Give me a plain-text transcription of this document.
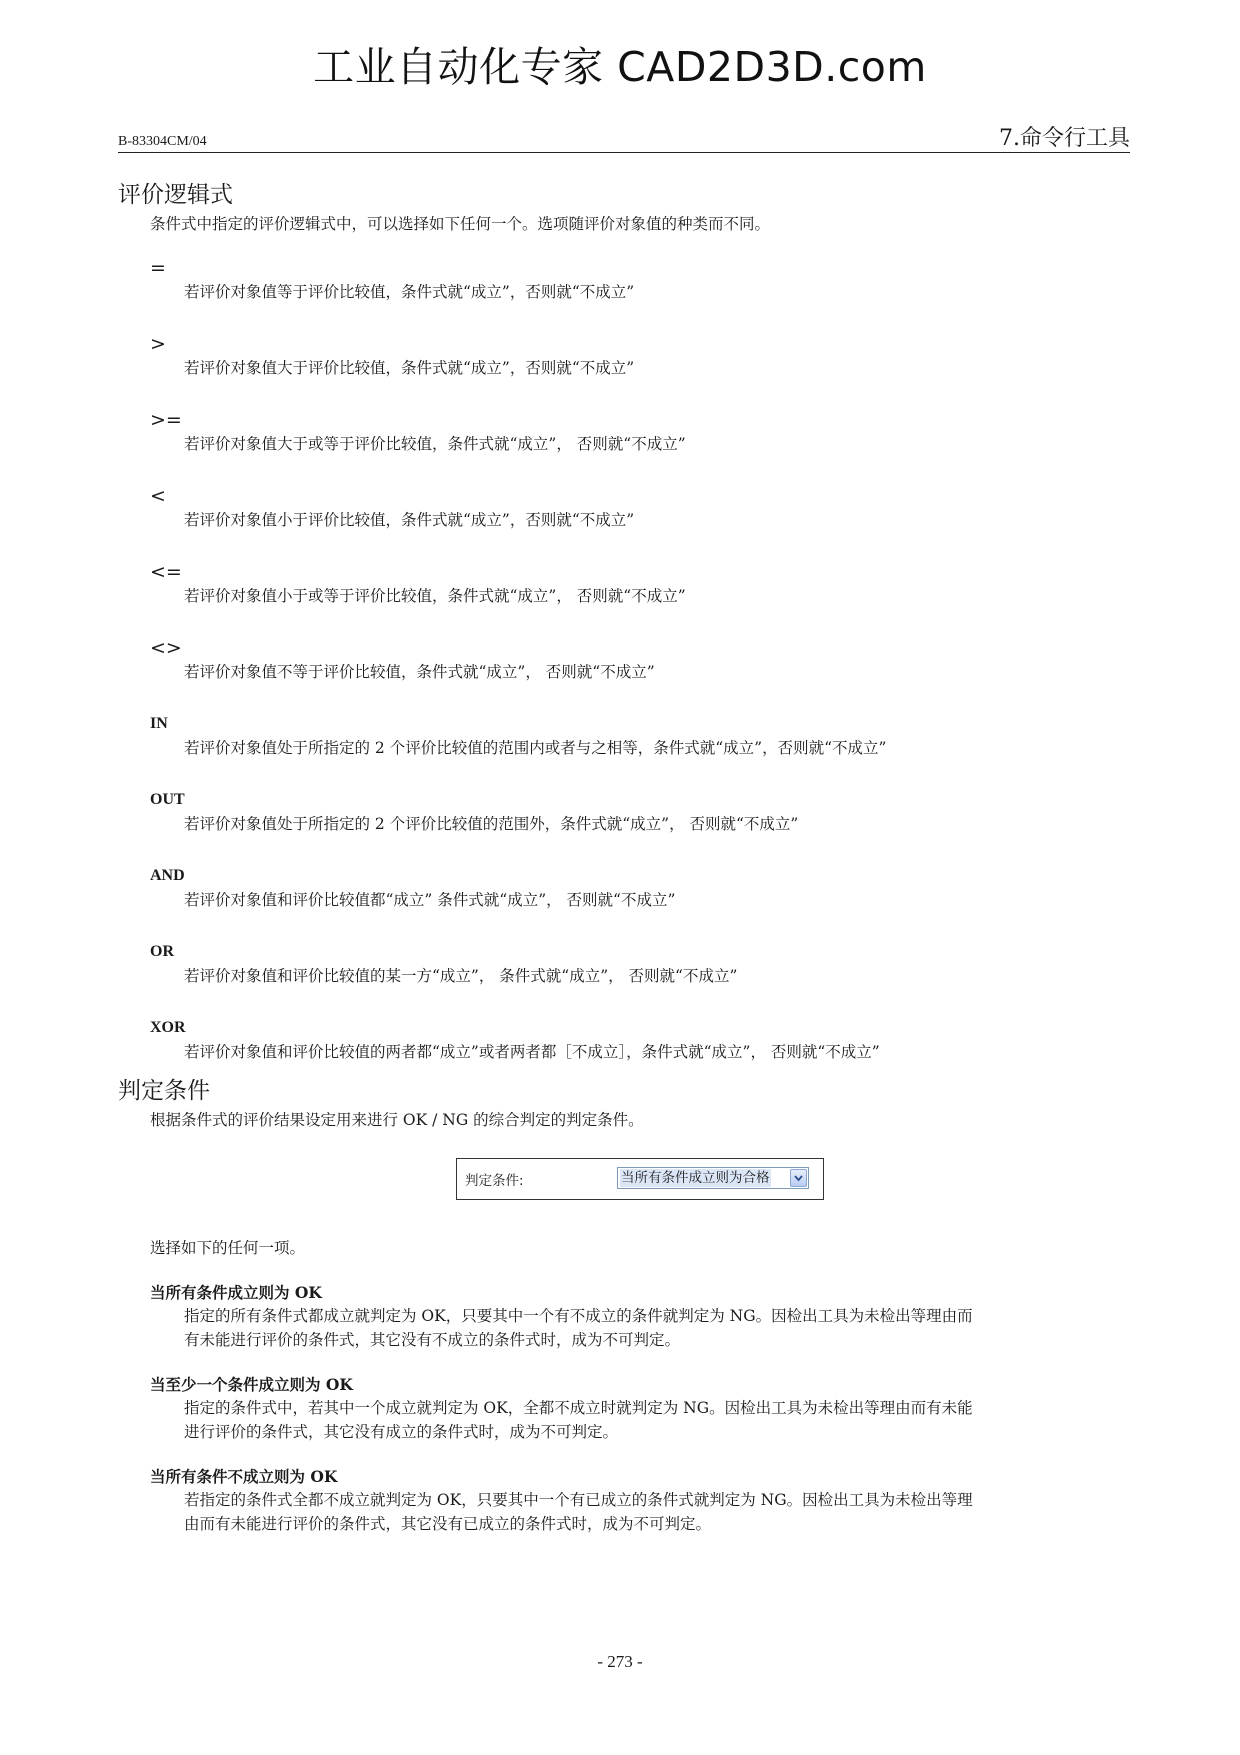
工业自动化专家 CAD2D3D.com
B-83304CM/04	7.命令行工具
评价逻辑式
条件式中指定的评价逻辑式中，可以选择如下任何一个。选项随评价对象值的种类而不同。
=
若评价对象值等于评价比较值，条件式就“成立”，否则就“不成立”
>
若评价对象值大于评价比较值，条件式就“成立”，否则就“不成立”
>=
若评价对象值大于或等于评价比较值，条件式就“成立”， 否则就“不成立”
<
若评价对象值小于评价比较值，条件式就“成立”，否则就“不成立”
<=
若评价对象值小于或等于评价比较值，条件式就“成立”， 否则就“不成立”
<>
若评价对象值不等于评价比较值，条件式就“成立”， 否则就“不成立”
IN
若评价对象值处于所指定的 2 个评价比较值的范围内或者与之相等，条件式就“成立”，否则就“不成立”
OUT
若评价对象值处于所指定的 2 个评价比较值的范围外，条件式就“成立”， 否则就“不成立”
AND
若评价对象值和评价比较值都“成立” 条件式就“成立”， 否则就“不成立”
OR
若评价对象值和评价比较值的某一方“成立”， 条件式就“成立”， 否则就“不成立”
XOR
若评价对象值和评价比较值的两者都“成立”或者两者都［不成立］，条件式就“成立”， 否则就“不成立”
判定条件
根据条件式的评价结果设定用来进行 OK / NG 的综合判定的判定条件。
判定条件:	当所有条件成立则为合格
选择如下的任何一项。
当所有条件成立则为 OK
指定的所有条件式都成立就判定为 OK，只要其中一个有不成立的条件就判定为 NG。因检出工具为未检出等理由而
有未能进行评价的条件式，其它没有不成立的条件式时，成为不可判定。
当至少一个条件成立则为 OK
指定的条件式中，若其中一个成立就判定为 OK，全都不成立时就判定为 NG。因检出工具为未检出等理由而有未能
进行评价的条件式，其它没有成立的条件式时，成为不可判定。
当所有条件不成立则为 OK
若指定的条件式全都不成立就判定为 OK，只要其中一个有已成立的条件式就判定为 NG。因检出工具为未检出等理
由而有未能进行评价的条件式，其它没有已成立的条件式时，成为不可判定。
- 273 -
